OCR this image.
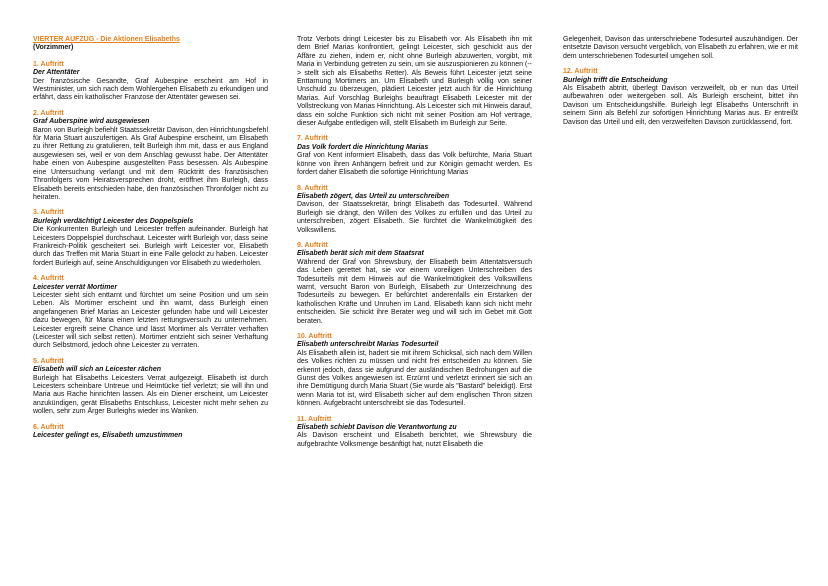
VIERTER AUFZUG - Die Aktionen Elisabeths
(Vorzimmer)
1. Auftritt
Der Attentäter
Der französische Gesandte, Graf Aubespine erscheint am Hof in Westminister, um sich nach dem Wohlergehen Elisabeth zu erkundigen und erfährt, dass ein katholischer Franzose der Attentäter gewesen sei.
2. Auftritt
Graf Auberspine wird ausgewiesen
Baron von Burleigh befiehlt Staatssekretär Davison, den Hinrichtungsbefehl für Maria Stuart auszufertigen. Als Graf Aubespine erscheint, um Elisabeth zu ihrer Rettung zu gratulieren, teilt Burleigh ihm mit, dass er aus England ausgewiesen sei, weil er von dem Anschlag gewusst habe. Der Attentäter habe einen von Aubespine ausgestellten Pass besessen. Als Aubespine eine Untersuchung verlangt und mit dem Rücktritt des französischen Thronfolgers vom Heiratsversprechen droht, eröffnet ihm Burleigh, dass Elisabeth bereits entschieden habe, den französischen Thronfolger nicht zu heiraten.
3. Auftritt
Burleigh verdächtigt Leicester des Doppelspiels
Die Konkurrenten Burleigh und Leicester treffen aufeinander. Burleigh hat Leicesters Doppelspiel durchschaut. Leicester wirft Burleigh vor, dass seine Frankreich-Politik gescheitert sei. Burleigh wirft Leicester vor, Elisabeth durch das Treffen mit Maria Stuart in eine Falle gelockt zu haben. Leicester fordert Burleigh auf, seine Anschuldigungen vor Elisabeth zu wiederholen.
4. Auftritt
Leicester verrät Mortimer
Leicester sieht sich enttarnt und fürchtet um seine Position und um sein Leben. Als Mortimer erscheint und ihn warnt, dass Burleigh einen angefangenen Brief Marias an Leicester gefunden habe und will Leicester dazu bewegen, für Maria einen letzten rettungsversuch zu unternehmen. Leicester ergreift seine Chance und lässt Mortimer als Verräter verhaften (Leicester will sich selbst retten). Mortimer entzieht sich seiner Verhaftung durch Selbstmord, jedoch ohne Leicester zu verraten.
5. Auftritt
Elisabeth will sich an Leicester rächen
Burleigh hat Elisabeths Leicesters Verrat aufgezeigt. Elisabeth ist durch Leicesters scheinbare Untreue und Heimtücke tief verletzt; sie will ihn und Maria aus Rache hinrichten lassen. Als ein Diener erscheint, um Leicester anzukündigen, gerät Elisabeths Entschluss, Leicester nicht mehr sehen zu wollen, sehr zum Ärger Burleighs wieder ins Wanken.
6. Auftritt
Leicester gelingt es, Elisabeth umzustimmen
Trotz Verbots dringt Leicester bis zu Elisabeth vor. Als Elisabeth ihn mit dem Brief Marias konfrontiert, gelingt Leicester, sich geschickt aus der Affäre zu ziehen, indem er, nicht ohne Burleigh abzuwerten, vorgibt, mit Maria in Verbindung getreten zu sein, um sie auszuspionieren zu können (--> stellt sich als Elisabeths Retter). Als Beweis führt Leicester jetzt seine Enttarnung Mortimers an. Um Elisabeth und Burleigh völlig von seiner Unschuld zu überzeugen, plädiert Leicester jetzt auch für die Hinrichtung Marias. Auf Vorschlag Burleighs beauftragt Elisabeth Leicester mit der Vollstreckung von Marias Hinrichtung. Als Leicester sich mit Hinweis darauf, dass ein solche Funktion sich nicht mit seiner Position am Hof vertrage, dieser Aufgabe entledigen will, stellt Elisabeth im Burleigh zur Seite.
7. Auftritt
Das Volk fordert die Hinrichtung Marias
Graf von Kent informiert Elisabeth, dass das Volk befürchte, Maria Stuart könne von ihren Anhängern befreit und zur Königin gemacht werden. Es fordert daher Elisabeth die sofortige Hinrichtung Marias
8. Auftritt
Elisabeth zögert, das Urteil zu unterschreiben
Davison, der Staatssekretär, bringt Elisabeth das Todesurteil. Während Burleigh sie drängt, den Willen des Volkes zu erfüllen und das Urteil zu unterschreiben, zögert Elisabeth. Sie fürchtet die Wankelmütigkeit des Volkswillens.
9. Auftritt
Elisabeth berät sich mit dem Staatsrat
Während der Graf von Shrewsbury, der Elisabeth beim Attentatsversuch das Leben gerettet hat, sie vor einem voreiligen Unterschreiben des Todesurteils mit dem Hinweis auf die Wankelmütigkeit des Volkswillens warnt, versucht Baron von Burleigh, Elisabeth zur Unterzeichnung des Todesurteils zu bewegen. Er befürchtet anderenfalls ein Erstarken der katholischen Kräfte und Unruhen im Land. Elisabeth kann sich nicht mehr entscheiden. Sie schickt ihre Berater weg und will sich im Gebet mit Gott beraten.
10. Auftritt
Elisabeth unterschreibt Marias Todesurteil
Als Elisabeth allein ist, hadert sie mit ihrem Schicksal, sich nach dem Willen des Volkes richten zu müssen und nicht frei entscheiden zu können. Sie erkennt jedoch, dass sie aufgrund der ausländischen Bedrohungen auf die Gunst des Volkes angewiesen ist. Erzürnt und verletzt erinnert sie sich an ihre Demütigung durch Maria Stuart (Sie wurde als "Bastard" beleidigt). Erst wenn Maria tot ist, wird Elisabeth sicher auf dem englischen Thron sitzen können. Aufgebracht unterschreibt sie das Todesurteil.
11. Auftritt
Elisabeth schiebt Davison die Verantwortung zu
Als Davison erscheint und Elisabeth berichtet, wie Shrewsbury die aufgebrachte Volksmenge besänftigt hat, nutzt Elisabeth die
Gelegenheit, Davison das unterschriebene Todesurteil auszuhändigen. Der entsetzte Davison versucht vergeblich, von Elisabeth zu erfahren, wie er mit dem unterschriebenen Todesurteil umgehen soll.
12. Auftritt
Burleigh trifft die Entscheidung
Als Elisabeth abtritt, überlegt Davison verzweifelt, ob er nun das Urteil aufbewahren oder weitergeben soll. Als Burleigh erscheint, bittet ihn Davison um Entscheidungshilfe. Burleigh legt Elisabeths Unterschrift in seinem Sinn als Befehl zur sofortigen Hinrichtung Marias aus. Er entreißt Davison das Urteil und eilt, den verzweifelten Davison zurücklassend, fort.
